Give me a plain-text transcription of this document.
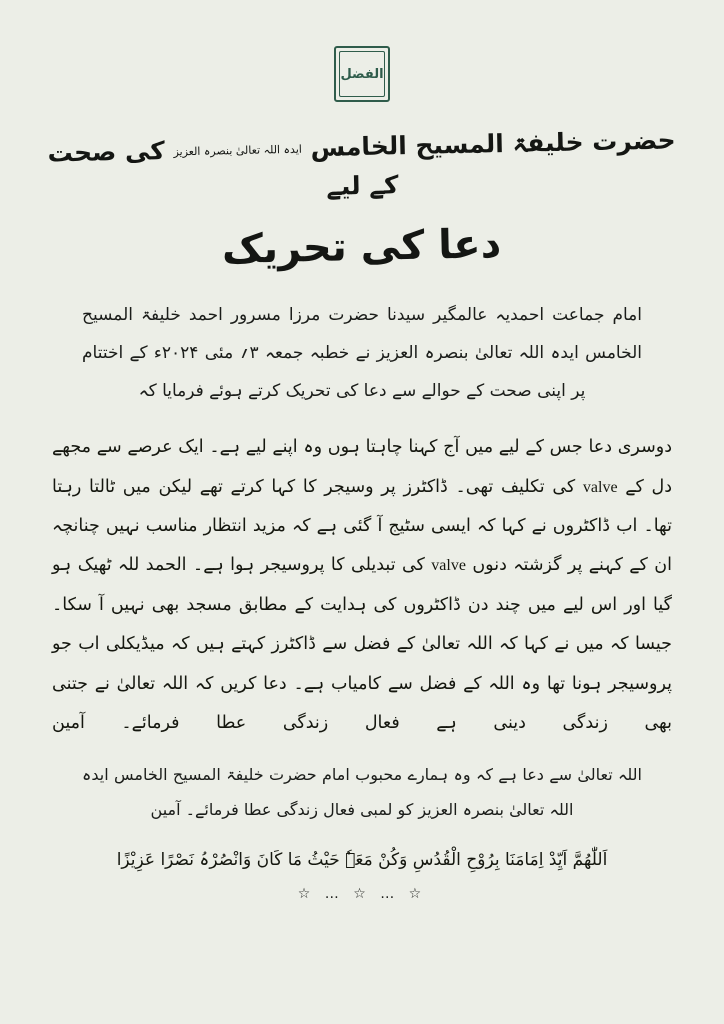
الفضل
حضرت خلیفۃ المسیح الخامس ایدہ اللہ تعالیٰ بنصرہ العزیز کی صحت کے لیے
دعا کی تحریک
امام جماعت احمدیہ عالمگیر سیدنا حضرت مرزا مسرور احمد خلیفۃ المسیح الخامس ایدہ اللہ تعالیٰ بنصرہ العزیز نے خطبہ جمعہ ۳؍ مئی ۲۰۲۴ء کے اختتام پر اپنی صحت کے حوالے سے دعا کی تحریک کرتے ہوئے فرمایا کہ
دوسری دعا جس کے لیے میں آج کہنا چاہتا ہوں وہ اپنے لیے ہے۔ ایک عرصے سے مجھے دل کے valve کی تکلیف تھی۔ ڈاکٹرز پر وسیجر کا کہا کرتے تھے لیکن میں ٹالتا رہتا تھا۔ اب ڈاکٹروں نے کہا کہ ایسی سٹیج آ گئی ہے کہ مزید انتظار مناسب نہیں چنانچہ ان کے کہنے پر گزشتہ دنوں valve کی تبدیلی کا پروسیجر ہوا ہے۔ الحمد للہ ٹھیک ہو گیا اور اس لیے میں چند دن ڈاکٹروں کی ہدایت کے مطابق مسجد بھی نہیں آ سکا۔ جیسا کہ میں نے کہا کہ اللہ تعالیٰ کے فضل سے ڈاکٹرز کہتے ہیں کہ میڈیکلی اب جو پروسیجر ہونا تھا وہ اللہ کے فضل سے کامیاب ہے۔ دعا کریں کہ اللہ تعالیٰ نے جتنی بھی زندگی دینی ہے فعال زندگی عطا فرمائے۔ آمین
اللہ تعالیٰ سے دعا ہے کہ وہ ہمارے محبوب امام حضرت خلیفۃ المسیح الخامس ایدہ اللہ تعالیٰ بنصرہ العزیز کو لمبی فعال زندگی عطا فرمائے۔ آمین
اَللّٰھُمَّ اَیِّدْ اِمَامَنَا بِرُوْحِ الْقُدُسِ وَکُنْ مَعَہٗ حَیْثُ مَا کَانَ وَانْصُرْہُ نَصْرًا عَزِیْزًا
☆ … ☆ … ☆
